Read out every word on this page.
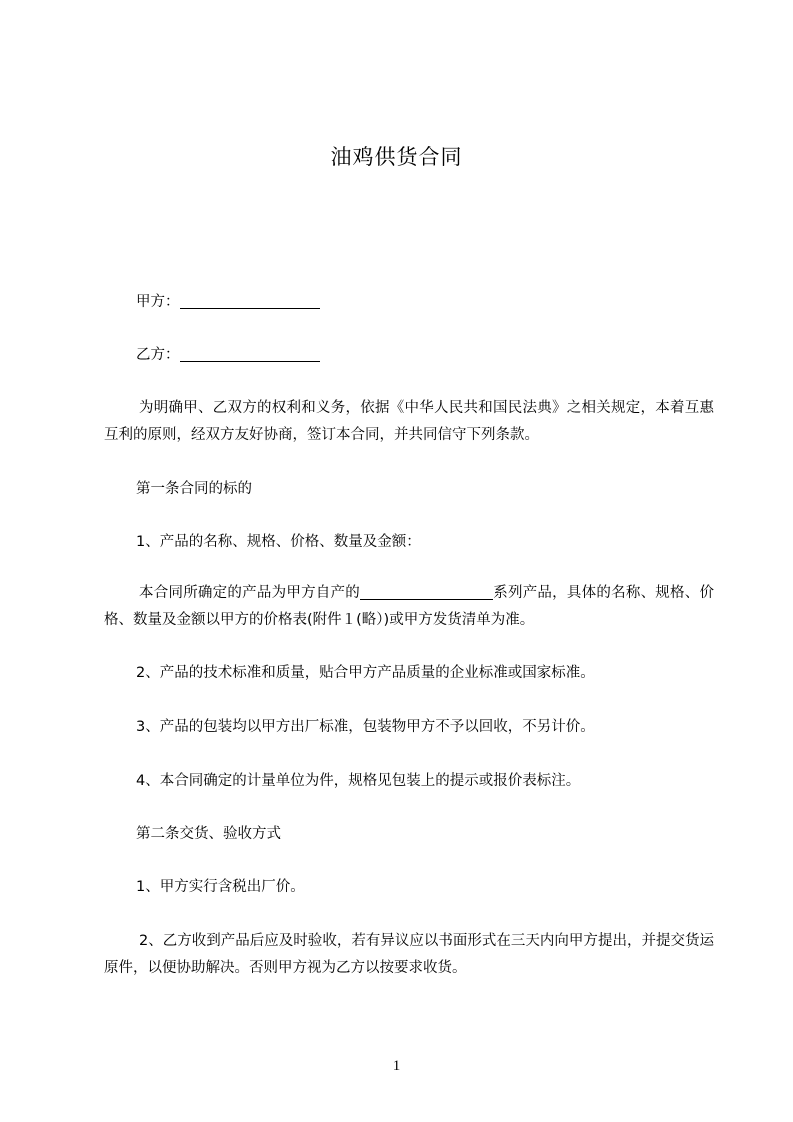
油鸡供货合同
甲方：
乙方：
为明确甲、乙双方的权利和义务，依据《中华人民共和国民法典》之相关规定，本着互惠互利的原则，经双方友好协商，签订本合同，并共同信守下列条款。
第一条合同的标的
1、产品的名称、规格、价格、数量及金额：
本合同所确定的产品为甲方自产的	系列产品，具体的名称、规格、价格、数量及金额以甲方的价格表(附件１(略）)或甲方发货清单为准。
2、产品的技术标准和质量，贴合甲方产品质量的企业标准或国家标准。
3、产品的包装均以甲方出厂标准，包装物甲方不予以回收，不另计价。
4、本合同确定的计量单位为件，规格见包装上的提示或报价表标注。
第二条交货、验收方式
1、甲方实行含税出厂价。
2、乙方收到产品后应及时验收，若有异议应以书面形式在三天内向甲方提出，并提交货运原件，以便协助解决。否则甲方视为乙方以按要求收货。
1
